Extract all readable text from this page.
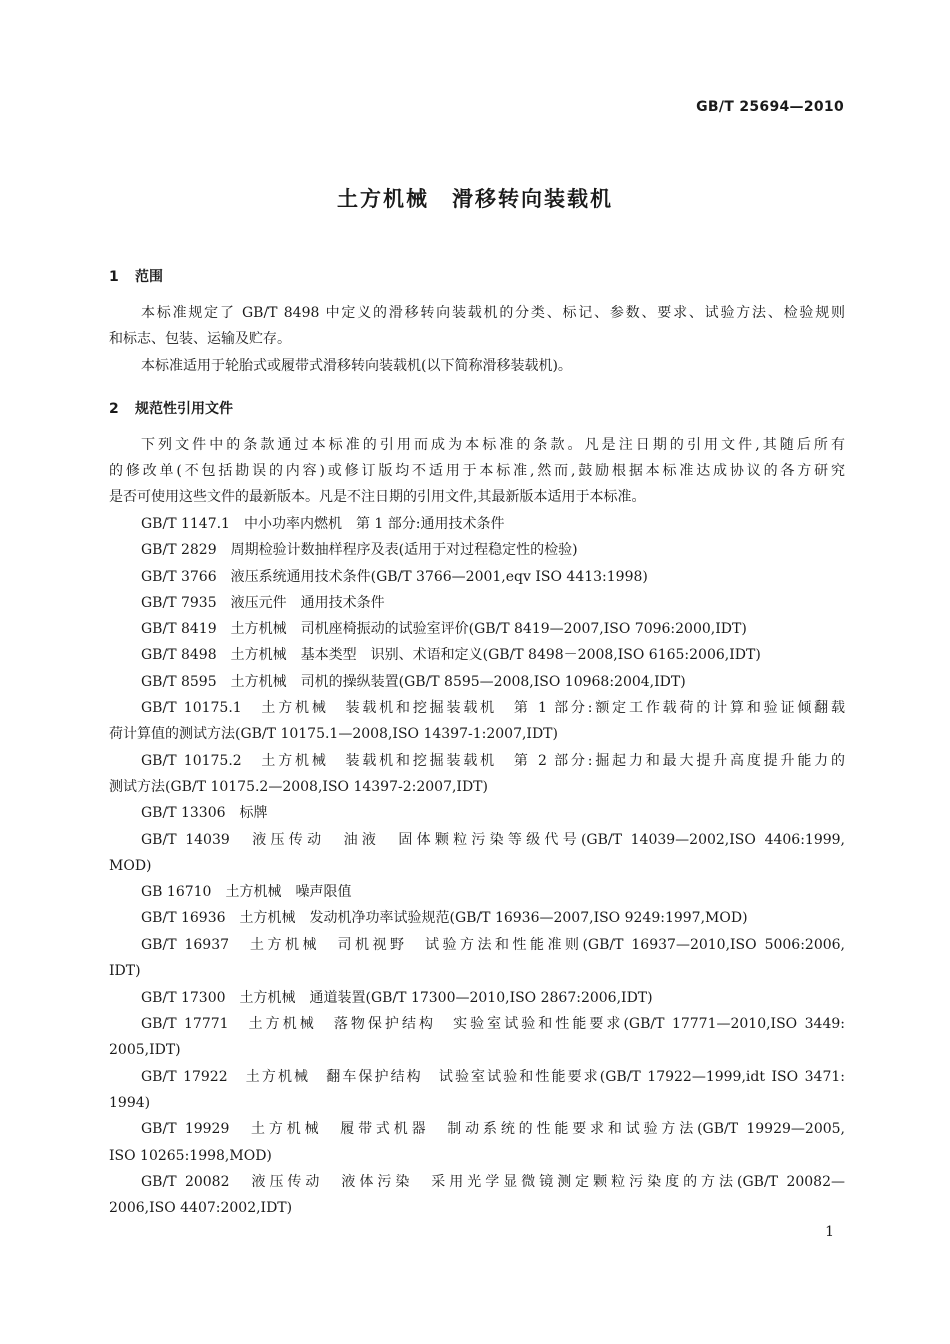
GB/T 25694—2010
土方机械　滑移转向装载机
1 范围
本标准规定了 GB/T 8498 中定义的滑移转向装载机的分类、标记、参数、要求、试验方法、检验规则
和标志、包装、运输及贮存。
本标准适用于轮胎式或履带式滑移转向装载机(以下简称滑移装载机)。
2 规范性引用文件
下列文件中的条款通过本标准的引用而成为本标准的条款。凡是注日期的引用文件,其随后所有
的修改单(不包括勘误的内容)或修订版均不适用于本标准,然而,鼓励根据本标准达成协议的各方研究
是否可使用这些文件的最新版本。凡是不注日期的引用文件,其最新版本适用于本标准。
GB/T 1147.1　中小功率内燃机　第 1 部分:通用技术条件
GB/T 2829　周期检验计数抽样程序及表(适用于对过程稳定性的检验)
GB/T 3766　液压系统通用技术条件(GB/T 3766—2001,eqv ISO 4413:1998)
GB/T 7935　液压元件　通用技术条件
GB/T 8419　土方机械　司机座椅振动的试验室评价(GB/T 8419—2007,ISO 7096:2000,IDT)
GB/T 8498　土方机械　基本类型　识别、术语和定义(GB/T 8498－2008,ISO 6165:2006,IDT)
GB/T 8595　土方机械　司机的操纵装置(GB/T 8595—2008,ISO 10968:2004,IDT)
GB/T 10175.1　土方机械　装载机和挖掘装载机　第 1 部分:额定工作载荷的计算和验证倾翻载
荷计算值的测试方法(GB/T 10175.1—2008,ISO 14397-1:2007,IDT)
GB/T 10175.2　土方机械　装载机和挖掘装载机　第 2 部分:掘起力和最大提升高度提升能力的
测试方法(GB/T 10175.2—2008,ISO 14397-2:2007,IDT)
GB/T 13306　标牌
GB/T 14039　液压传动　油液　固体颗粒污染等级代号(GB/T 14039—2002,ISO 4406:1999,
MOD)
GB 16710　土方机械　噪声限值
GB/T 16936　土方机械　发动机净功率试验规范(GB/T 16936—2007,ISO 9249:1997,MOD)
GB/T 16937　土方机械　司机视野　试验方法和性能准则(GB/T 16937—2010,ISO 5006:2006,
IDT)
GB/T 17300　土方机械　通道装置(GB/T 17300—2010,ISO 2867:2006,IDT)
GB/T 17771　土方机械　落物保护结构　实验室试验和性能要求(GB/T 17771—2010,ISO 3449:
2005,IDT)
GB/T 17922　土方机械　翻车保护结构　试验室试验和性能要求(GB/T 17922—1999,idt ISO 3471:
1994)
GB/T 19929　土方机械　履带式机器　制动系统的性能要求和试验方法(GB/T 19929—2005,
ISO 10265:1998,MOD)
GB/T 20082　液压传动　液体污染　采用光学显微镜测定颗粒污染度的方法(GB/T 20082—
2006,ISO 4407:2002,IDT)
1
